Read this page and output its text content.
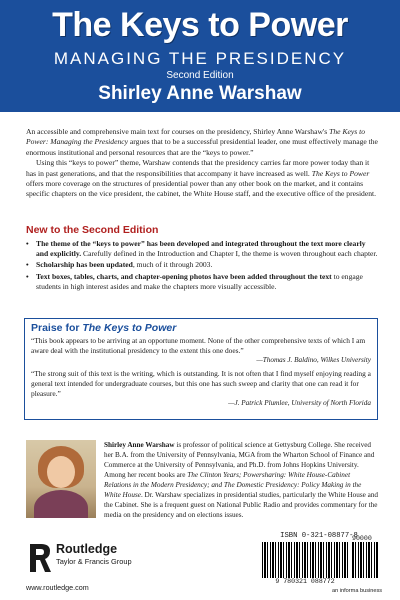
The Keys to Power
MANAGING THE PRESIDENCY
Second Edition
Shirley Anne Warshaw

An accessible and comprehensive main text for courses on the presidency, Shirley Anne Warshaw's The Keys to Power: Managing the Presidency argues that to be a successful presidential leader, one must effectively manage the enormous institutional and personal resources that are the “keys to power.”

Using this “keys to power” theme, Warshaw contends that the presidency carries far more power today than it has in past generations, and that the responsibilities that accompany it have increased as well. The Keys to Power offers more coverage on the structures of presidential power than any other book on the market, and it contains specific chapters on the vice president, the cabinet, the White House staff, and the executive office of the president.

New to the Second Edition
• The theme of the “keys to power” has been developed and integrated throughout the text more clearly and explicitly. Carefully defined in the Introduction and Chapter I, the theme is woven throughout each chapter.
• Scholarship has been updated, much of it through 2003.
• Text boxes, tables, charts, and chapter-opening photos have been added throughout the text to engage students in high interest asides and make the chapters more visually accessible.
Praise for The Keys to Power
“This book appears to be arriving at an opportune moment. None of the other comprehensive texts of which I am aware deal with the institutional presidency to the extent this one does.”
—Thomas J. Baldino, Wilkes University
“The strong suit of this text is the writing, which is outstanding. It is not often that I find myself enjoying reading a general text intended for undergraduate courses, but this one has such sweep and clarity that one can read it for pleasure.”
—J. Patrick Plumlee, University of North Florida
Shirley Anne Warshaw is professor of political science at Gettysburg College. She received her B.A. from the University of Pennsylvania, MGA from the Wharton School of Finance and Commerce at the University of Pennsylvania, and Ph.D. from Johns Hopkins University. Among her recent books are The Clinton Years; Powersharing: White House-Cabinet Relations in the Modern Presidency; and The Domestic Presidency: Policy Making in the White House. Dr. Warshaw specializes in presidential studies, particularly the White House and the Cabinet. She is a frequent guest on National Public Radio and provides commentary for the media on the presidency and on elections issues.
Routledge
Taylor & Francis Group
www.routledge.com
ISBN 0-321-08877-8
90000
9 780321 088772
an informa business
